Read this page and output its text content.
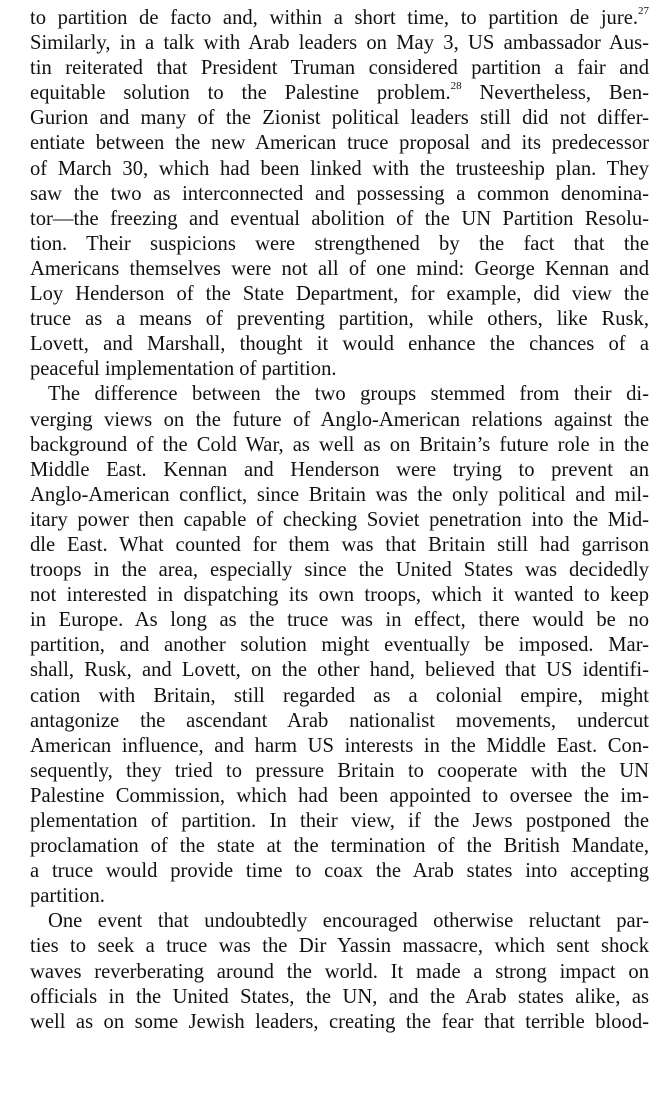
to partition de facto and, within a short time, to partition de jure.$^{27}$
Similarly, in a talk with Arab leaders on May 3, US ambassador Aus-
tin reiterated that President Truman considered partition a fair and
equitable solution to the Palestine problem.$^{28}$ Nevertheless, Ben-
Gurion and many of the Zionist political leaders still did not differ-
entiate between the new American truce proposal and its predecessor
of March 30, which had been linked with the trusteeship plan. They
saw the two as interconnected and possessing a common denomina-
tor—the freezing and eventual abolition of the UN Partition Resolu-
tion. Their suspicions were strengthened by the fact that the
Americans themselves were not all of one mind: George Kennan and
Loy Henderson of the State Department, for example, did view the
truce as a means of preventing partition, while others, like Rusk,
Lovett, and Marshall, thought it would enhance the chances of a
peaceful implementation of partition.
The difference between the two groups stemmed from their di-
verging views on the future of Anglo-American relations against the
background of the Cold War, as well as on Britain’s future role in the
Middle East. Kennan and Henderson were trying to prevent an
Anglo-American conflict, since Britain was the only political and mil-
itary power then capable of checking Soviet penetration into the Mid-
dle East. What counted for them was that Britain still had garrison
troops in the area, especially since the United States was decidedly
not interested in dispatching its own troops, which it wanted to keep
in Europe. As long as the truce was in effect, there would be no
partition, and another solution might eventually be imposed. Mar-
shall, Rusk, and Lovett, on the other hand, believed that US identifi-
cation with Britain, still regarded as a colonial empire, might
antagonize the ascendant Arab nationalist movements, undercut
American influence, and harm US interests in the Middle East. Con-
sequently, they tried to pressure Britain to cooperate with the UN
Palestine Commission, which had been appointed to oversee the im-
plementation of partition. In their view, if the Jews postponed the
proclamation of the state at the termination of the British Mandate,
a truce would provide time to coax the Arab states into accepting
partition.
One event that undoubtedly encouraged otherwise reluctant par-
ties to seek a truce was the Dir Yassin massacre, which sent shock
waves reverberating around the world. It made a strong impact on
officials in the United States, the UN, and the Arab states alike, as
well as on some Jewish leaders, creating the fear that terrible blood-
